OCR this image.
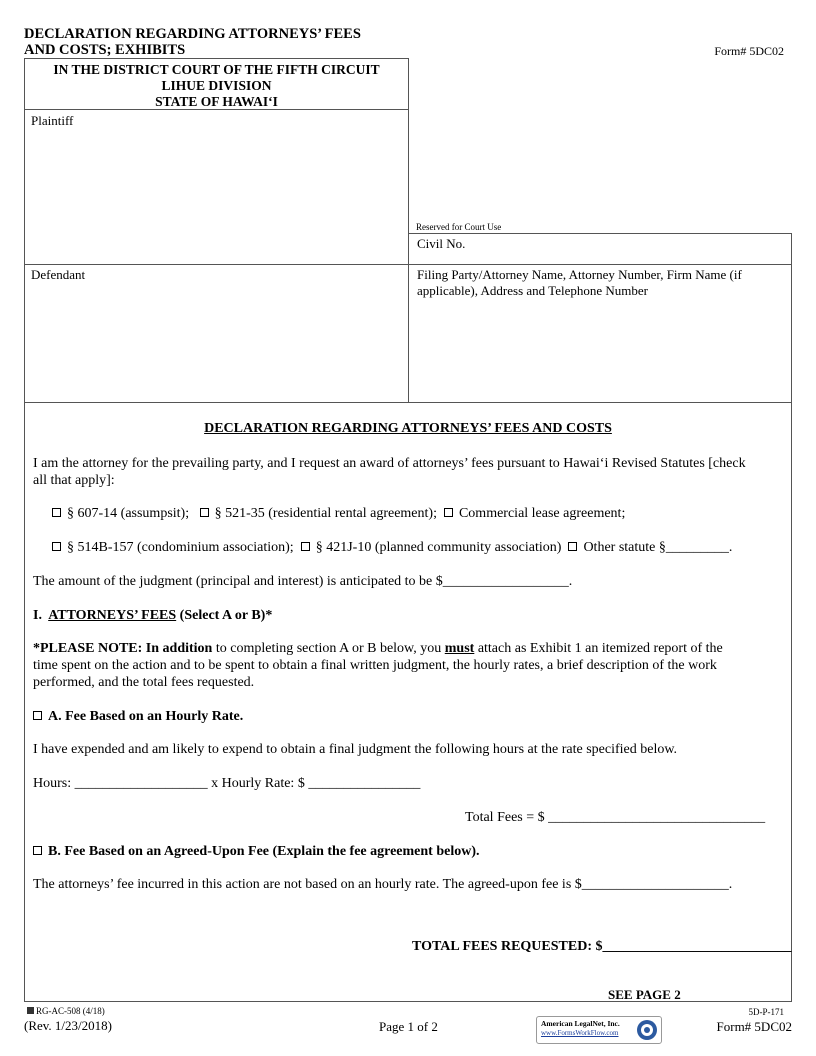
DECLARATION REGARDING ATTORNEYS’ FEES
AND COSTS; EXHIBITS	Form# 5DC02
IN THE DISTRICT COURT OF THE FIFTH CIRCUIT
LIHUE DIVISION
STATE OF HAWAI‘I
Plaintiff
Reserved for Court Use
Civil No.
Defendant	Filing Party/Attorney Name, Attorney Number, Firm Name (if
applicable), Address and Telephone Number
DECLARATION REGARDING ATTORNEYS’ FEES AND COSTS
I am the attorney for the prevailing party, and I request an award of attorneys’ fees pursuant to Hawai‘i Revised Statutes [check
all that apply]:
§ 607-14 (assumpsit); § 521-35 (residential rental agreement); Commercial lease agreement;
§ 514B-157 (condominium association); § 421J-10 (planned community association) Other statute §_________.
The amount of the judgment (principal and interest) is anticipated to be $__________________.
I. ATTORNEYS’ FEES (Select A or B)*
*PLEASE NOTE: In addition to completing section A or B below, you must attach as Exhibit 1 an itemized report of the
time spent on the action and to be spent to obtain a final written judgment, the hourly rates, a brief description of the work
performed, and the total fees requested.
A. Fee Based on an Hourly Rate.
I have expended and am likely to expend to obtain a final judgment the following hours at the rate specified below.
Hours: ___________________ x Hourly Rate: $ ________________
Total Fees = $ _______________________________
B. Fee Based on an Agreed-Upon Fee (Explain the fee agreement below).
The attorneys’ fee incurred in this action are not based on an hourly rate. The agreed-upon fee is $_____________________.
TOTAL FEES REQUESTED: $___________________________
SEE PAGE 2
RG-AC-508 (4/18)
(Rev. 1/23/2018)	Page 1 of 2
5D-P-171
Form# 5DC02
American LegalNet, Inc.
www.FormsWorkFlow.com
